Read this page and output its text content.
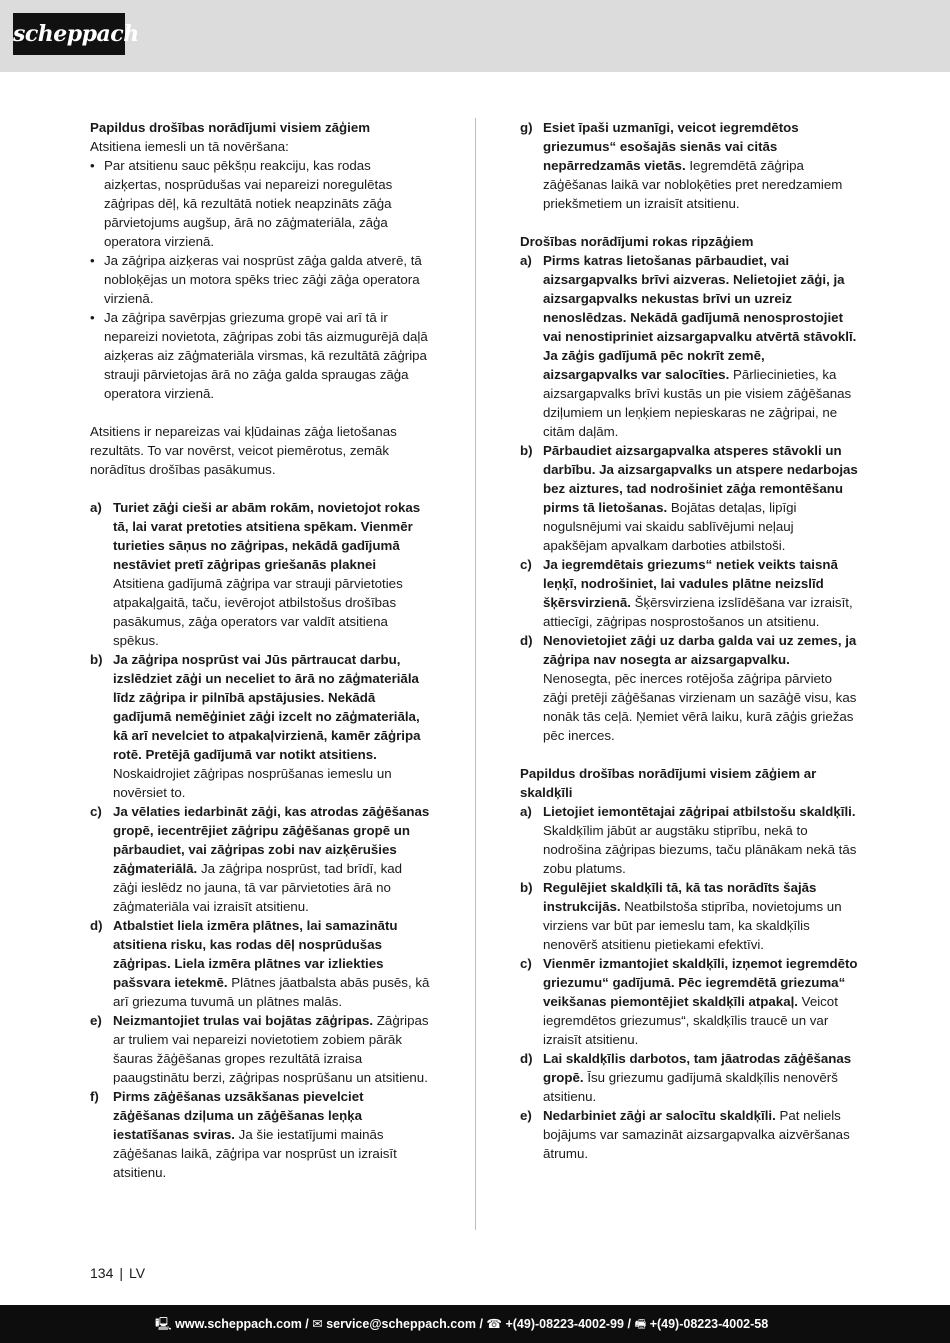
scheppach
Papildus drošības norādījumi visiem zāģiem
Atsitiena iemesli un tā novēršana:
• Par atsitienu sauc pēkšņu reakciju, kas rodas aizķertas, nosprūdušas vai nepareizi noregulētas zāģripas dēļ, kā rezultātā notiek neapzināts zāģa pārvietojums augšup, ārā no zāģmateriāla, zāģa operatora virzienā.
• Ja zāģripa aizķeras vai nosprūst zāģa galda atverē, tā nobloķējas un motora spēks triec zāģi zāģa operatora virzienā.
• Ja zāģripa savērpjas griezuma gropē vai arī tā ir nepareizi novietota, zāģripas zobi tās aizmugurējā daļā aizķeras aiz zāģmateriāla virsmas, kā rezultātā zāģripa strauji pārvietojas ārā no zāģa galda spraugas zāģa operatora virzienā.
Atsitiens ir nepareizas vai kļūdainas zāģa lietošanas rezultāts. To var novērst, veicot piemērotus, zemāk norādītus drošības pasākumus.
a) Turiet zāģi cieši ar abām rokām, novietojot rokas tā, lai varat pretoties atsitiena spēkam. Vienmēr turieties sāņus no zāģripas, nekādā gadījumā nestāviet pretī zāģripas griešanās plaknei Atsitiena gadījumā zāģripa var strauji pārvietoties atpakaļgaitā, taču, ievērojot atbilstošus drošības pasākumus, zāģa operators var valdīt atsitiena spēkus.
b) Ja zāģripa nosprūst vai Jūs pārtraucat darbu, izslēdziet zāģi un neceliet to ārā no zāģmateriāla līdz zāģripa ir pilnībā apstājusies. Nekādā gadījumā nemēģiniet zāģi izcelt no zāģmateriāla, kā arī nevelciet to atpakaļvirzienā, kamēr zāģripa rotē. Pretējā gadījumā var notikt atsitiens. Noskaidrojiet zāģripas nosprūšanas iemeslu un novērsiet to.
c) Ja vēlaties iedarbināt zāģi, kas atrodas zāģēšanas gropē, iecentrējiet zāģripu zāģēšanas gropē un pārbaudiet, vai zāģripas zobi nav aizķērušies zāģmateriālā. Ja zāģripa nosprūst, tad brīdī, kad zāģi ieslēdz no jauna, tā var pārvietoties ārā no zāģmateriāla vai izraisīt atsitienu.
d) Atbalstiet liela izmēra plātnes, lai samazinātu atsitiena risku, kas rodas dēļ nosprūdušas zāģripas. Liela izmēra plātnes var izliekties pašsvara ietekmē. Plātnes jāatbalsta abās pusēs, kā arī griezuma tuvumā un plātnes malās.
e) Neizmantojiet trulas vai bojātas zāģripas. Zāģripas ar truliem vai nepareizi novietotiem zobiem pārāk šauras žāģēšanas gropes rezultātā izraisa paaugstinātu berzi, zāģripas nosprūšanu un atsitienu.
f) Pirms zāģēšanas uzsākšanas pievelciet zāģēšanas dziļuma un zāģēšanas leņķa iestatīšanas sviras. Ja šie iestatījumi mainās zāģēšanas laikā, zāģripa var nosprūst un izraisīt atsitienu.
g) Esiet īpaši uzmanīgi, veicot iegremdētos griezumus“ esošajās sienās vai citās nepārredzamās vietās. Iegremdētā zāģripa zāģēšanas laikā var nobloķēties pret neredzamiem priekšmetiem un izraisīt atsitienu.
Drošības norādījumi rokas ripzāģiem
a) Pirms katras lietošanas pārbaudiet, vai aizsargapvalks brīvi aizveras. Nelietojiet zāģi, ja aizsargapvalks nekustas brīvi un uzreiz nenoslēdzas. Nekādā gadījumā nenosprostojiet vai nenostipriniet aizsargapvalku atvērtā stāvoklī. Ja zāģis gadījumā pēc nokrīt zemē, aizsargapvalks var salocīties. Pārliecinieties, ka aizsargapvalks brīvi kustās un pie visiem zāģēšanas dziļumiem un leņķiem nepieskaras ne zāģripai, ne citām daļām.
b) Pārbaudiet aizsargapvalka atsperes stāvokli un darbību. Ja aizsargapvalks un atspere nedarbojas bez aiztures, tad nodrošiniet zāģa remontēšanu pirms tā lietošanas. Bojātas detaļas, lipīgi nogulsnējumi vai skaidu sablīvējumi neļauj apakšējam apvalkam darboties atbilstoši.
c) Ja iegremdētais griezums“ netiek veikts taisnā leņķī, nodrošiniet, lai vadules plātne neizslīd šķērsvirzienā. Šķērsvirziena izslīdēšana var izraisīt, attiecīgi, zāģripas nosprostošanos un atsitienu.
d) Nenovietojiet zāģi uz darba galda vai uz zemes, ja zāģripa nav nosegta ar aizsargapvalku. Nenosegta, pēc inerces rotējoša zāģripa pārvieto zāģi pretēji zāģēšanas virzienam un sazāģē visu, kas nonāk tās ceļā. Ņemiet vērā laiku, kurā zāģis griežas pēc inerces.
Papildus drošības norādījumi visiem zāģiem ar skaldķīli
a) Lietojiet iemontētajai zāģripai atbilstošu skaldķīli. Skaldķīlim jābūt ar augstāku stiprību, nekā to nodrošina zāģripas biezums, taču plānākam nekā tās zobu platums.
b) Regulējiet skaldķīli tā, kā tas norādīts šajās instrukcijās. Neatbilstoša stiprība, novietojums un virziens var būt par iemeslu tam, ka skaldķīlis nenovērš atsitienu pietiekami efektīvi.
c) Vienmēr izmantojiet skaldķīli, izņemot iegremdēto griezumu“ gadījumā. Pēc iegremdētā griezuma“ veikšanas piemontējiet skaldķīli atpakaļ. Veicot iegremdētos griezumus“, skaldķīlis traucē un var izraisīt atsitienu.
d) Lai skaldķīlis darbotos, tam jāatrodas zāģēšanas gropē. Īsu griezumu gadījumā skaldķīlis nenovērš atsitienu.
e) Nedarbiniet zāģi ar salocītu skaldķīli. Pat neliels bojājums var samazināt aizsargapvalka aizvēršanas ātrumu.
134 | LV
🖳 www.scheppach.com / ✉ service@scheppach.com / ☎ +(49)-08223-4002-99 / 🖷 +(49)-08223-4002-58
